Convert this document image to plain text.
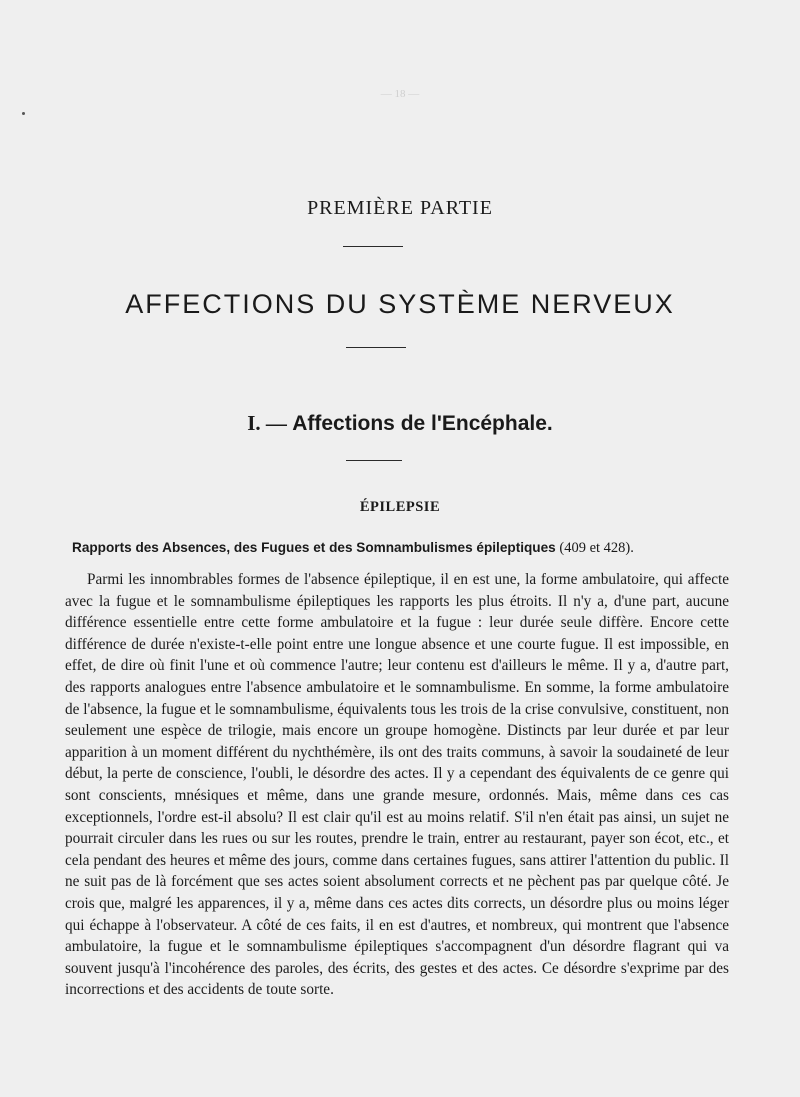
— 18 —
PREMIÈRE PARTIE
AFFECTIONS DU SYSTÈME NERVEUX
I. — Affections de l'Encéphale.
ÉPILEPSIE
Rapports des Absences, des Fugues et des Somnambulismes épileptiques (409 et 428).

Parmi les innombrables formes de l'absence épileptique, il en est une, la forme ambulatoire, qui affecte avec la fugue et le somnambulisme épileptiques les rapports les plus étroits. Il n'y a, d'une part, aucune différence essentielle entre cette forme ambulatoire et la fugue : leur durée seule diffère. Encore cette différence de durée n'existe-t-elle point entre une longue absence et une courte fugue. Il est impossible, en effet, de dire où finit l'une et où commence l'autre; leur contenu est d'ailleurs le même. Il y a, d'autre part, des rapports analogues entre l'absence ambulatoire et le somnambulisme. En somme, la forme ambulatoire de l'absence, la fugue et le somnambulisme, équivalents tous les trois de la crise convulsive, constituent, non seulement une espèce de trilogie, mais encore un groupe homogène. Distincts par leur durée et par leur apparition à un moment différent du nychthémère, ils ont des traits communs, à savoir la soudaineté de leur début, la perte de conscience, l'oubli, le désordre des actes. Il y a cependant des équivalents de ce genre qui sont conscients, mnésiques et même, dans une grande mesure, ordonnés. Mais, même dans ces cas exceptionnels, l'ordre est-il absolu? Il est clair qu'il est au moins relatif. S'il n'en était pas ainsi, un sujet ne pourrait circuler dans les rues ou sur les routes, prendre le train, entrer au restaurant, payer son écot, etc., et cela pendant des heures et même des jours, comme dans certaines fugues, sans attirer l'attention du public. Il ne suit pas de là forcément que ses actes soient absolument corrects et ne pèchent pas par quelque côté. Je crois que, malgré les apparences, il y a, même dans ces actes dits corrects, un désordre plus ou moins léger qui échappe à l'observateur. A côté de ces faits, il en est d'autres, et nombreux, qui montrent que l'absence ambulatoire, la fugue et le somnambulisme épileptiques s'accompagnent d'un désordre flagrant qui va souvent jusqu'à l'incohérence des paroles, des écrits, des gestes et des actes. Ce désordre s'exprime par des incorrections et des accidents de toute sorte.
